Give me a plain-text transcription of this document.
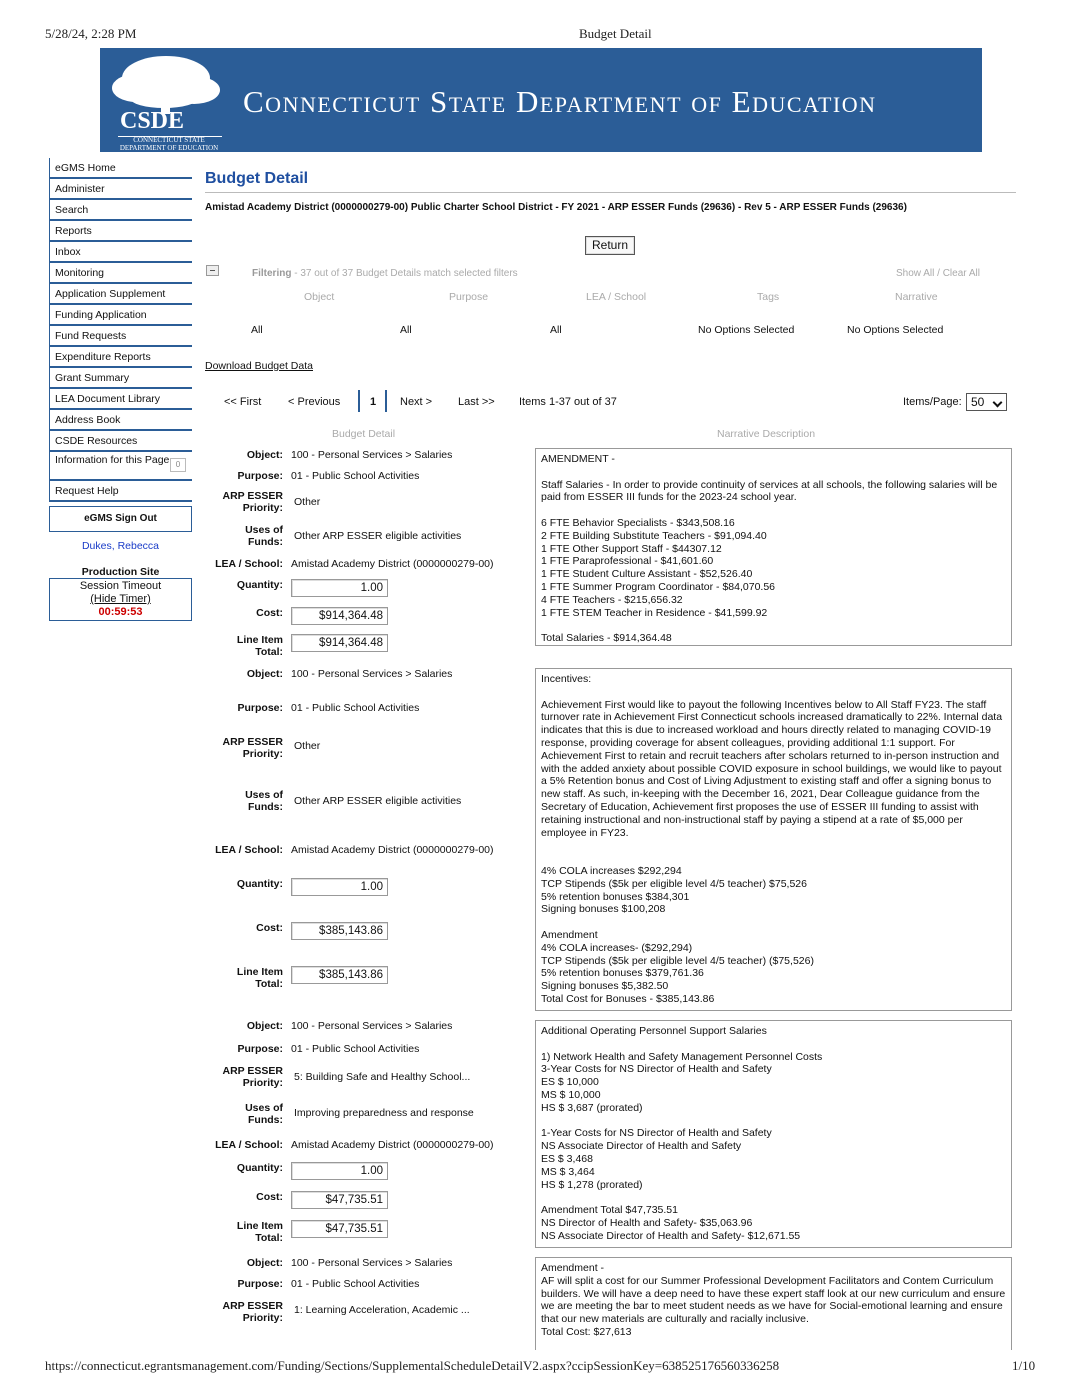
5/28/24, 2:28 PM	Budget Detail
https://connecticut.egrantsmanagement.com/Funding/Sections/SupplementalScheduleDetailV2.aspx?ccipSessionKey=638525176560336258	1/10
CSDE
CONNECTICUT STATE DEPARTMENT OF EDUCATION
Connecticut State Department of Education
eGMS Home
Administer
Search
Reports
Inbox
Monitoring
Application Supplement
Funding Application
Fund Requests
Expenditure Reports
Grant Summary
LEA Document Library
Address Book
CSDE Resources
Information for this Page 0
Request Help
eGMS Sign Out
Dukes, Rebecca
Production Site
Session Timeout
(Hide Timer)
00:59:53
Budget Detail
Amistad Academy District (0000000279-00) Public Charter School District - FY 2021 - ARP ESSER Funds (29636) - Rev 5 - ARP ESSER Funds (29636)
Return
Filtering - 37 out of 37 Budget Details match selected filters	Show All / Clear All
Object	Purpose	LEA / School	Tags	Narrative
All	All	All	No Options Selected	No Options Selected
Download Budget Data
<< First < Previous	1 Next > Last >> Items 1-37 out of 37	Items/Page: 50
Budget Detail	Narrative Description
Object: 100 - Personal Services > Salaries
Purpose: 01 - Public School Activities
ARP ESSER Priority: Other
Uses of Funds: Other ARP ESSER eligible activities
LEA / School: Amistad Academy District (0000000279-00)
Quantity:	1.00
Cost:	$914,364.48
Line Item Total:
$914,364.48

AMENDMENT -

Staff Salaries - In order to provide continuity of services at all schools, the following salaries will be paid from ESSER III funds for the 2023-24 school year.

6 FTE Behavior Specialists - $343,508.16
2 FTE Building Substitute Teachers - $91,094.40
1 FTE Other Support Staff - $44307.12
1 FTE Paraprofessional - $41,601.60
1 FTE Student Culture Assistant - $52,526.40
1 FTE Summer Program Coordinator - $84,070.56
4 FTE Teachers - $215,656.32
1 FTE STEM Teacher in Residence - $41,599.92

Total Salaries - $914,364.48

Object: 100 - Personal Services > Salaries
Purpose: 01 - Public School Activities
ARP ESSER Priority:
Other
Uses of Funds: Other ARP ESSER eligible activities
LEA / School: Amistad Academy District (0000000279-00)
Quantity:	1.00
Cost:	$385,143.86
Line Item Total:
$385,143.86

Incentives:

Achievement First would like to payout the following Incentives below to All Staff FY23. The staff turnover rate in Achievement First Connecticut schools increased dramatically to 22%. Internal data indicates that this is due to increased workload and hours directly related to managing COVID-19 response, providing coverage for absent colleagues, providing additional 1:1 support. For Achievement First to retain and recruit teachers after scholars returned to in-person instruction and with the added anxiety about possible COVID exposure in school buildings, we would like to payout a 5% Retention bonus and Cost of Living Adjustment to existing staff and offer a signing bonus to new staff. As such, in-keeping with the December 16, 2021, Dear Colleague guidance from the Secretary of Education, Achievement first proposes the use of ESSER III funding to assist with retaining instructional and non-instructional staff by paying a stipend at a rate of $5,000 per employee in FY23.

4% COLA increases $292,294
TCP Stipends ($5k per eligible level 4/5 teacher) $75,526
5% retention bonuses $384,301
Signing bonuses $100,208

Amendment
4% COLA increases- ($292,294)
TCP Stipends ($5k per eligible level 4/5 teacher) ($75,526)
5% retention bonuses $379,761.36
Signing bonuses $5,382.50
Total Cost for Bonuses - $385,143.86

Object: 100 - Personal Services > Salaries
Purpose: 01 - Public School Activities
ARP ESSER Priority: 5: Building Safe and Healthy School...
Uses of Funds:
Improving preparedness and response
LEA / School: Amistad Academy District (0000000279-00)
Quantity:	1.00
Cost:	$47,735.51
Line Item Total:
$47,735.51

Additional Operating Personnel Support Salaries

1) Network Health and Safety Management Personnel Costs
3-Year Costs for NS Director of Health and Safety
ES $ 10,000
MS $ 10,000
HS $ 3,687 (prorated)

1-Year Costs for NS Director of Health and Safety
NS Associate Director of Health and Safety
ES $ 3,468
MS $ 3,464
HS $ 1,278 (prorated)

Amendment Total $47,735.51
NS Director of Health and Safety- $35,063.96
NS Associate Director of Health and Safety- $12,671.55

Object: 100 - Personal Services > Salaries
Purpose: 01 - Public School Activities
ARP ESSER Priority:
1: Learning Acceleration, Academic ...

Amendment -
AF will split a cost for our Summer Professional Development Facilitators and Contem Curriculum builders. We will have a deep need to have these expert staff look at our new curriculum and ensure we are meeting the bar to meet student needs as we have for Social-emotional learning and ensure that our new materials are culturally and racially inclusive.
Total Cost: $27,613
